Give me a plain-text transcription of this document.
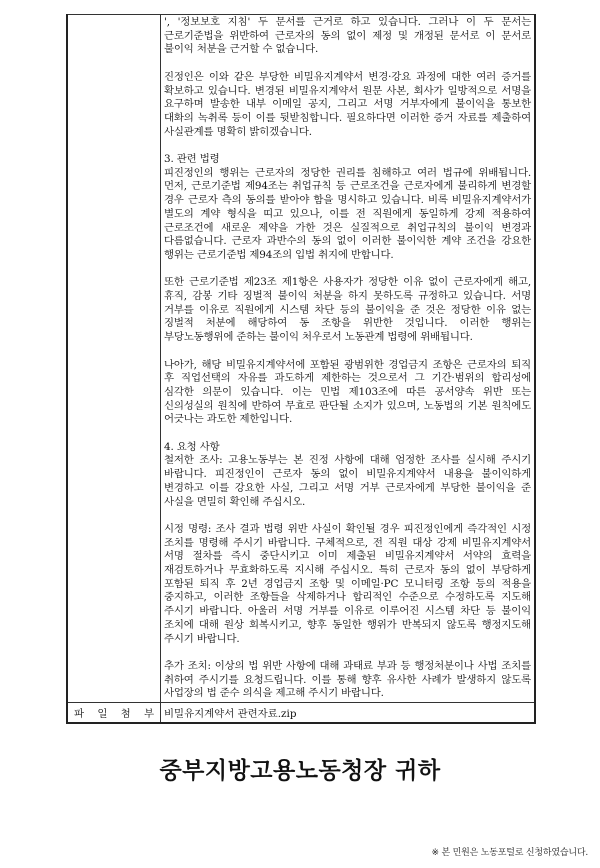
', '정보보호 지침' 두 문서를 근거로 하고 있습니다. 그러나 이 두 문서는 근로기준법을 위반하여 근로자의 동의 없이 제정 및 개정된 문서로 이 문서로 불이익 처분을 근거할 수 없습니다.

진정인은 이와 같은 부당한 비밀유지계약서 변경·강요 과정에 대한 여러 증거를 확보하고 있습니다. 변경된 비밀유지계약서 원문 사본, 회사가 일방적으로 서명을 요구하며 발송한 내부 이메일 공지, 그리고 서명 거부자에게 불이익을 통보한 대화의 녹취록 등이 이를 뒷받침합니다. 필요하다면 이러한 증거 자료를 제출하여 사실관계를 명확히 밝히겠습니다.

3. 관련 법령

피진정인의 행위는 근로자의 정당한 권리를 침해하고 여러 법규에 위배됩니다. 먼저, 근로기준법 제94조는 취업규칙 등 근로조건을 근로자에게 불리하게 변경할 경우 근로자 측의 동의를 받아야 함을 명시하고 있습니다. 비록 비밀유지계약서가 별도의 계약 형식을 띠고 있으나, 이를 전 직원에게 동일하게 강제 적용하여 근로조건에 새로운 제약을 가한 것은 실질적으로 취업규칙의 불이익 변경과 다름없습니다. 근로자 과반수의 동의 없이 이러한 불이익한 계약 조건을 강요한 행위는 근로기준법 제94조의 입법 취지에 반합니다.

또한 근로기준법 제23조 제1항은 사용자가 정당한 이유 없이 근로자에게 해고, 휴직, 감봉 기타 징벌적 불이익 처분을 하지 못하도록 규정하고 있습니다. 서명 거부를 이유로 직원에게 시스템 차단 등의 불이익을 준 것은 정당한 이유 없는 징벌적 처분에 해당하여 동 조항을 위반한 것입니다. 이러한 행위는 부당노동행위에 준하는 불이익 처우로서 노동관계 법령에 위배됩니다.

나아가, 해당 비밀유지계약서에 포함된 광범위한 경업금지 조항은 근로자의 퇴직 후 직업선택의 자유를 과도하게 제한하는 것으로서 그 기간·범위의 합리성에 심각한 의문이 있습니다. 이는 민법 제103조에 따른 공서양속 위반 또는 신의성실의 원칙에 반하여 무효로 판단될 소지가 있으며, 노동법의 기본 원칙에도 어긋나는 과도한 제한입니다.

4. 요청 사항

철저한 조사: 고용노동부는 본 진정 사항에 대해 엄정한 조사를 실시해 주시기 바랍니다. 피진정인이 근로자 동의 없이 비밀유지계약서 내용을 불이익하게 변경하고 이를 강요한 사실, 그리고 서명 거부 근로자에게 부당한 불이익을 준 사실을 면밀히 확인해 주십시오.

시정 명령: 조사 결과 법령 위반 사실이 확인될 경우 피진정인에게 즉각적인 시정 조치를 명령해 주시기 바랍니다. 구체적으로, 전 직원 대상 강제 비밀유지계약서 서명 절차를 즉시 중단시키고 이미 제출된 비밀유지계약서 서약의 효력을 재검토하거나 무효화하도록 지시해 주십시오. 특히 근로자 동의 없이 부당하게 포함된 퇴직 후 2년 경업금지 조항 및 이메일·PC 모니터링 조항 등의 적용을 중지하고, 이러한 조항들을 삭제하거나 합리적인 수준으로 수정하도록 지도해 주시기 바랍니다. 아울러 서명 거부를 이유로 이루어진 시스템 차단 등 불이익 조치에 대해 원상 회복시키고, 향후 동일한 행위가 반복되지 않도록 행정지도해 주시기 바랍니다.

추가 조치: 이상의 법 위반 사항에 대해 과태료 부과 등 행정처분이나 사법 조치를 취하여 주시기를 요청드립니다. 이를 통해 향후 유사한 사례가 발생하지 않도록 사업장의 법 준수 의식을 제고해 주시기 바랍니다.

파 일 첨 부	비밀유지계약서 관련자료.zip
중부지방고용노동청장 귀하
※ 본 민원은 노동포털로 신청하였습니다.
